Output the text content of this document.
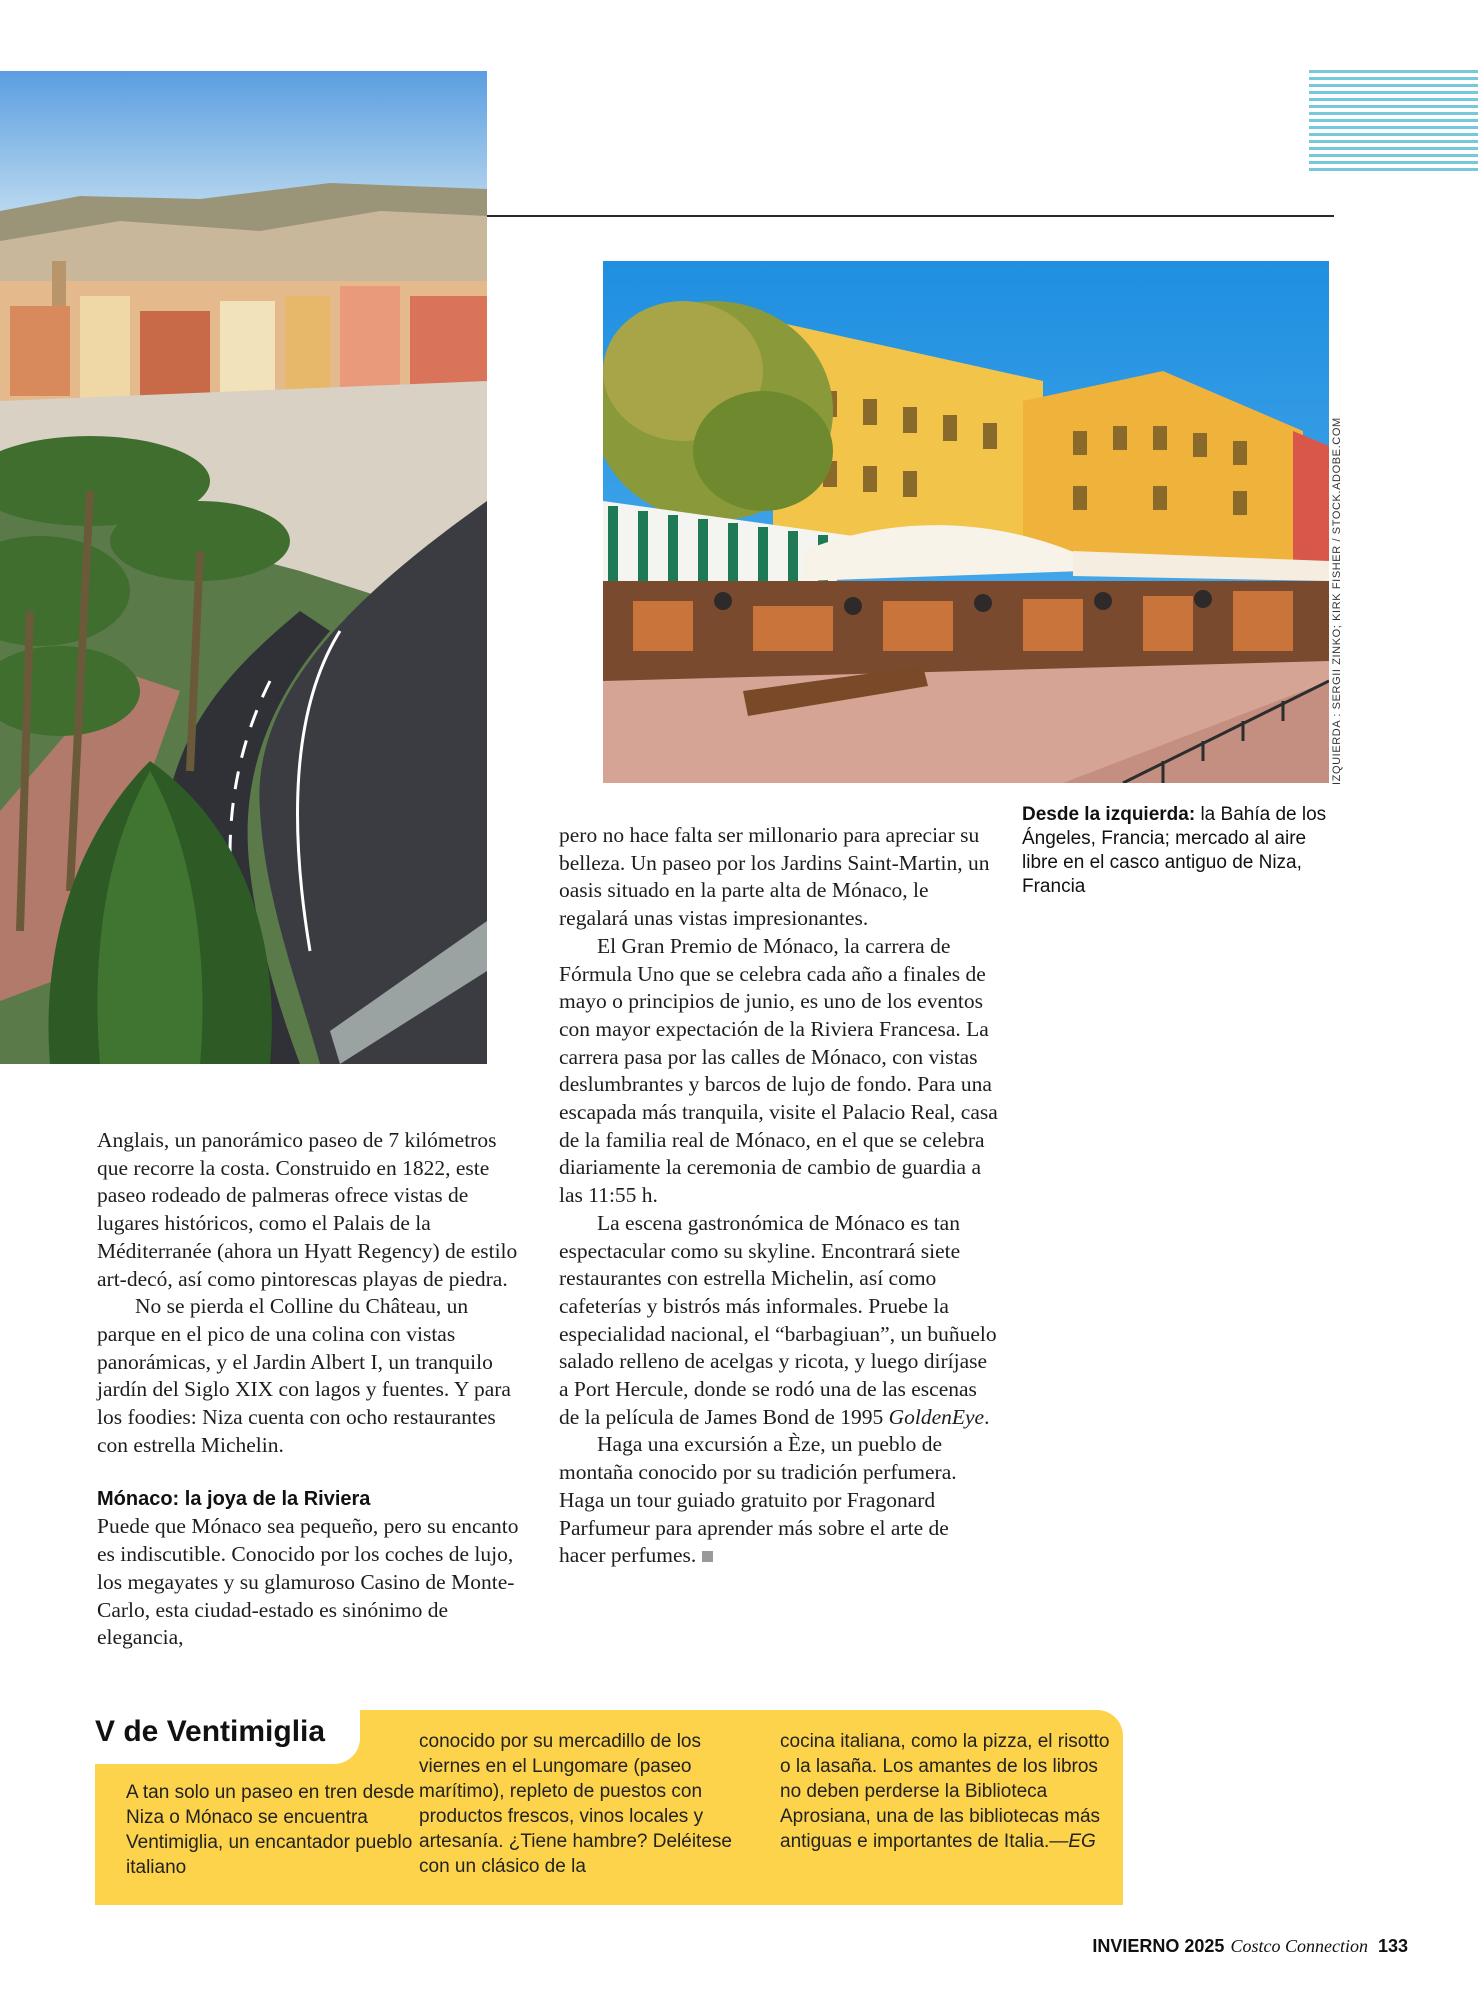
IZQUIERDA : SERGII ZINKO; KIRK FISHER / STOCK.ADOBE.COM
Desde la izquierda: la Bahía de los Ángeles, Francia; mercado al aire libre en el casco antiguo de Niza, Francia

Anglais, un panorámico paseo de 7 kilómetros que recorre la costa. Construido en 1822, este paseo rodeado de palmeras ofrece vistas de lugares históricos, como el Palais de la Méditerranée (ahora un Hyatt Regency) de estilo art-decó, así como pintorescas playas de piedra.

No se pierda el Colline du Château, un parque en el pico de una colina con vistas panorámicas, y el Jardin Albert I, un tranquilo jardín del Siglo XIX con lagos y fuentes. Y para los foodies: Niza cuenta con ocho restaurantes con estrella Michelin.

Mónaco: la joya de la Riviera

Puede que Mónaco sea pequeño, pero su encanto es indiscutible. Conocido por los coches de lujo, los megayates y su glamuroso Casino de Monte-Carlo, esta ciudad-estado es sinónimo de elegancia,

pero no hace falta ser millonario para apreciar su belleza. Un paseo por los Jardins Saint-Martin, un oasis situado en la parte alta de Mónaco, le regalará unas vistas impresionantes.

El Gran Premio de Mónaco, la carrera de Fórmula Uno que se celebra cada año a finales de mayo o principios de junio, es uno de los eventos con mayor expectación de la Riviera Francesa. La carrera pasa por las calles de Mónaco, con vistas deslumbrantes y barcos de lujo de fondo. Para una escapada más tranquila, visite el Palacio Real, casa de la familia real de Mónaco, en el que se celebra diariamente la ceremonia de cambio de guardia a las 11:55 h.

La escena gastronómica de Mónaco es tan espectacular como su skyline. Encontrará siete restaurantes con estrella Michelin, así como cafeterías y bistrós más informales. Pruebe la especialidad nacional, el “barbagiuan”, un buñuelo salado relleno de acelgas y ricota, y luego diríjase a Port Hercule, donde se rodó una de las escenas de la película de James Bond de 1995 GoldenEye.

Haga una excursión a Èze, un pueblo de montaña conocido por su tradición perfumera. Haga un tour guiado gratuito por Fragonard Parfumeur para aprender más sobre el arte de hacer perfumes.

V de Ventimiglia
A tan solo un paseo en tren desde Niza o Mónaco se encuentra Ventimiglia, un encantador pueblo italiano
conocido por su mercadillo de los viernes en el Lungomare (paseo marítimo), repleto de puestos con productos frescos, vinos locales y artesanía. ¿Tiene hambre? Deléitese con un clásico de la
cocina italiana, como la pizza, el risotto o la lasaña. Los amantes de los libros no deben perderse la Biblioteca Aprosiana, una de las bibliotecas más antiguas e importantes de Italia.—EG
INVIERNO 2025 Costco Connection 133
